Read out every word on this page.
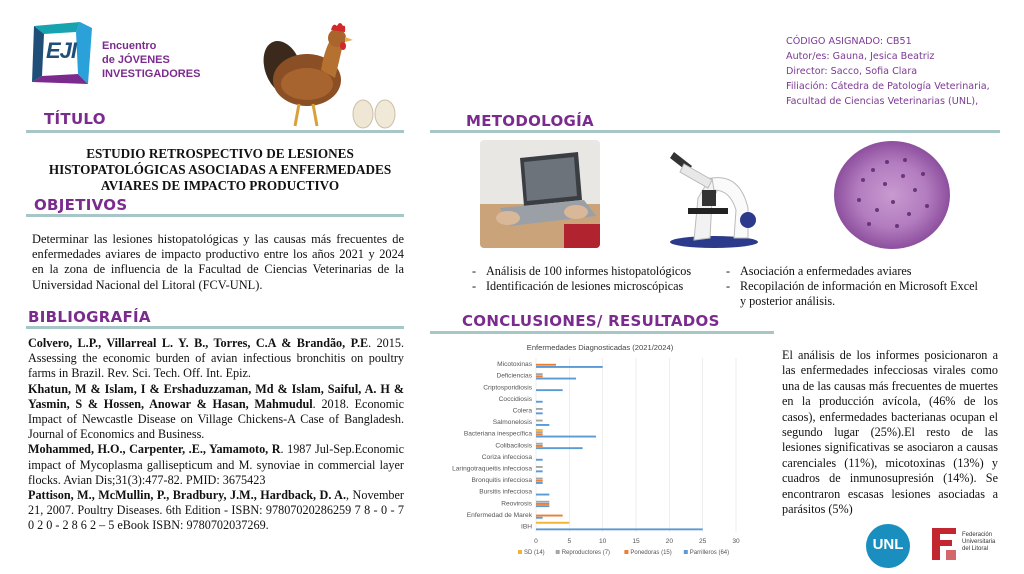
EJI Encuentro
de JÓVENES
INVESTIGADORES
CÓDIGO ASIGNADO: CB51
Autor/es: Gauna, Jesica Beatriz
Director: Sacco, Sofia Clara
Filiación: Cátedra de Patología Veterinaria,
Facultad de Ciencias Veterinarias (UNL),
TÍTULO
ESTUDIO RETROSPECTIVO DE LESIONES HISTOPATOLÓGICAS ASOCIADAS A ENFERMEDADES AVIARES DE IMPACTO PRODUCTIVO
OBJETIVOS
Determinar las lesiones histopatológicas y las causas más frecuentes de enfermedades aviares de impacto productivo entre los años 2021 y 2024 en la zona de influencia de la Facultad de Ciencias Veterinarias de la Universidad Nacional del Litoral (FCV-UNL).
BIBLIOGRAFÍA

Colvero, L.P., Villarreal L. Y. B., Torres, C.A & Brandão, P.E. 2015. Assessing the economic burden of avian infectious bronchitis on poultry farms in Brazil. Rev. Sci. Tech. Off. Int. Epiz.

Khatun, M & Islam, I & Ershaduzzaman, Md & Islam, Saiful, A. H & Yasmin, S & Hossen, Anowar & Hasan, Mahmudul. 2018. Economic Impact of Newcastle Disease on Village Chickens-A Case of Bangladesh. Journal of Economics and Business.

Mohammed, H.O., Carpenter, .E., Yamamoto, R. 1987 Jul-Sep.Economic impact of Mycoplasma gallisepticum and M. synoviae in commercial layer flocks. Avian Dis;31(3):477-82. PMID: 3675423

Pattison, M., McMullin, P., Bradbury, J.M., Hardback, D. A., November 21, 2007. Poultry Diseases. 6th Edition - ISBN: 97807020286259 7 8 - 0 - 7 0 2 0 - 2 8 6 2 – 5 eBook ISBN: 9780702037269.

METODOLOGÍA
- Análisis de 100 informes histopatológicos
- Identificación de lesiones microscópicas
- Asociación a enfermedades aviares
- Recopilación de información en Microsoft Excel y posterior análisis.
CONCLUSIONES/ RESULTADOS
Enfermedades Diagnosticadas (2021/2024)
0	5	10	15	20	25	30
Micotoxinas
Deficiencias
Criptosporidiosis
Coccidiosis
Colera
Salmonelosis
Bacteriana inespecífica
Colibacilosis
Coriza infecciosa
Laringotraqueitis infecciosa
Bronquitis infecciosa
Bursitis infecciosa
Reovirosis
Enfermedad de Marek
IBH
SD (14)	Reproductores (7)	Ponedoras (15)	Parrilleros (64)
El análisis de los informes posicionaron a las enfermedades infecciosas virales como una de las causas más frecuentes de muertes en la producción avícola, (46% de los casos), enfermedades bacterianas ocupan el segundo lugar (25%).El resto de las lesiones significativas se asociaron a causas carenciales (11%), micotoxinas (13%) y cuadros de inmunosupresión (14%). Se encontraron escasas lesiones asociadas a parásitos (5%)
UNL
Federación
Universitaria
del Litoral
